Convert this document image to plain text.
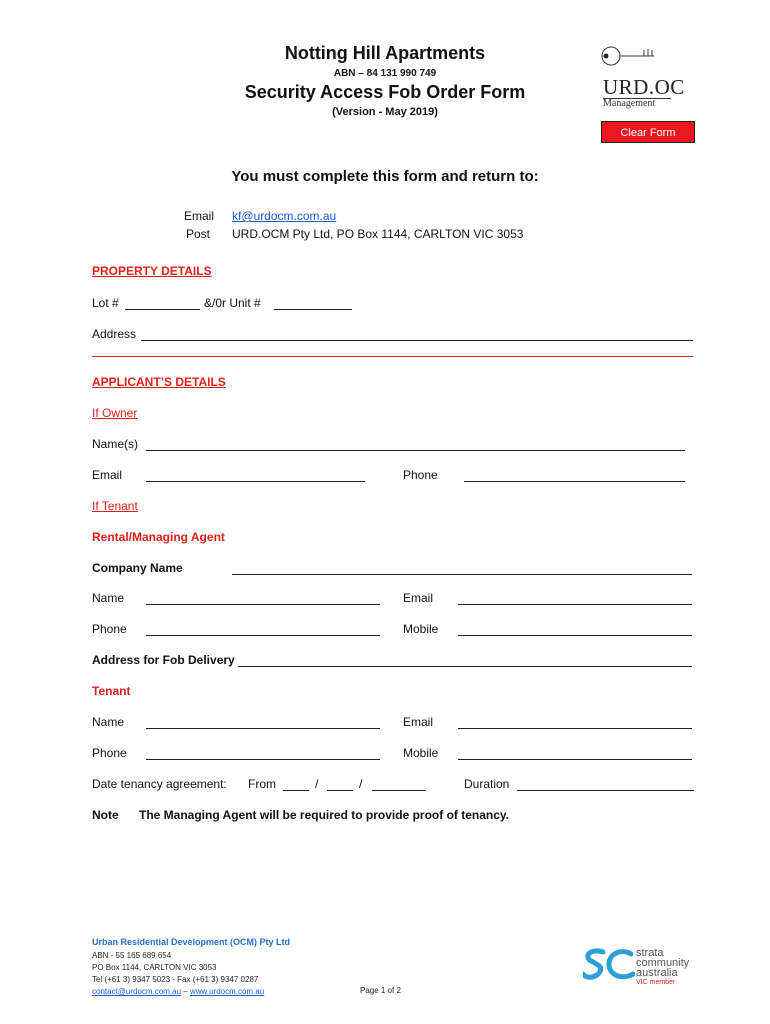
Notting Hill Apartments
ABN – 84 131 990 749
Security Access Fob Order Form
(Version - May 2019)
URD.OC
Management
Clear Form
You must complete this form and return to:
Email kf@urdocm.com.au
Post URD.OCM Pty Ltd, PO Box 1144, CARLTON VIC 3053
PROPERTY DETAILS
Lot #	&/0r Unit #
Address
APPLICANT’S DETAILS
If Owner
Name(s)
Email	Phone
If Tenant
Rental/Managing Agent
Company Name
Name	Email
Phone	Mobile
Address for Fob Delivery
Tenant
Name	Email
Phone	Mobile
Date tenancy agreement: From	/	/	Duration
Note The Managing Agent will be required to provide proof of tenancy.
Urban Residential Development (OCM) Pty Ltd
ABN - 55 165 689 654
PO Box 1144, CARLTON VIC 3053
Tel (+61 3) 9347 5023 - Fax (+61 3) 9347 0287
contact@urdocm.com.au – www.urdocm.com.au	Page 1 of 2
strata
community
australia
VIC member
